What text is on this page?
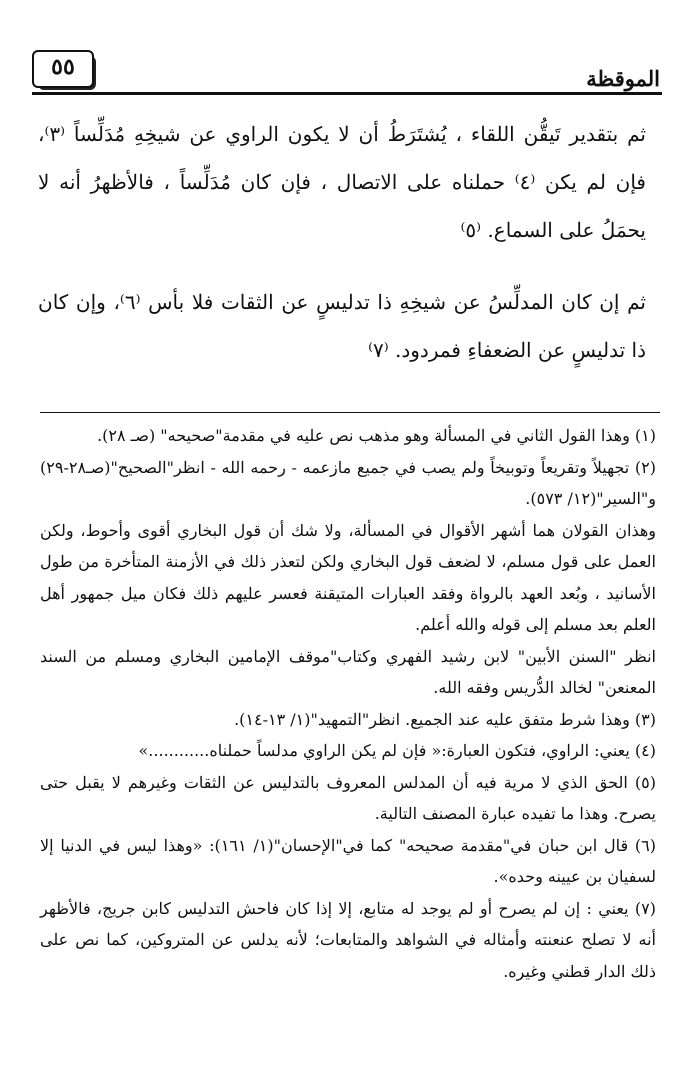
٥٥	الموقظة

ثم بتقدير تَيقُّن اللقاء ، يُشتَرَطُ أن لا يكون الراوي عن شيخِهِ مُدَلِّساً ⁽٣⁾، فإن لم يكن ⁽٤⁾ حملناه على الاتصال ، فإن كان مُدَلِّساً ، فالأظهرُ أنه لا يحمَلُ على السماع. ⁽٥⁾

ثم إن كان المدلِّسُ عن شيخِهِ ذا تدليسٍ عن الثقات فلا بأس ⁽٦⁾، وإن كان ذا تدليسٍ عن الضعفاءِ فمردود. ⁽٧⁾

(١) وهذا القول الثاني في المسألة وهو مذهب نص عليه في مقدمة"صحيحه" (صـ ٢٨).

(٢) تجهيلاً وتقريعاً وتوبيخاً ولم يصب في جميع مازعمه - رحمه الله - انظر"الصحيح"(صـ٢٨-٢٩) و"السير"(١٢/ ٥٧٣).

وهذان القولان هما أشهر الأقوال في المسألة، ولا شك أن قول البخاري أقوى وأحوط، ولكن العمل على قول مسلم، لا لضعف قول البخاري ولكن لتعذر ذلك في الأزمنة المتأخرة من طول الأسانيد ، وبُعد العهد بالرواة وفقد العبارات المتيقنة فعسر عليهم ذلك فكان ميل جمهور أهل العلم بعد مسلم إلى قوله والله أعلم.

انظر "السنن الأبين" لابن رشيد الفهري وكتاب"موقف الإمامين البخاري ومسلم من السند المعنعن" لخالد الدُّريس وفقه الله.

(٣) وهذا شرط متفق عليه عند الجميع. انظر"التمهيد"(١/ ١٣-١٤).

(٤) يعني: الراوي، فتكون العبارة:« فإن لم يكن الراوي مدلساً حملناه............»

(٥) الحق الذي لا مرية فيه أن المدلس المعروف بالتدليس عن الثقات وغيرهم لا يقبل حتى يصرح. وهذا ما تفيده عبارة المصنف التالية.

(٦) قال ابن حبان في"مقدمة صحيحه" كما في"الإحسان"(١/ ١٦١): «وهذا ليس في الدنيا إلا لسفيان بن عيينه وحده».

(٧) يعني : إن لم يصرح أو لم يوجد له متابع، إلا إذا كان فاحش التدليس كابن جريج، فالأظهر أنه لا تصلح عنعنته وأمثاله في الشواهد والمتابعات؛ لأنه يدلس عن المتروكين، كما نص على ذلك الدار قطني وغيره.
